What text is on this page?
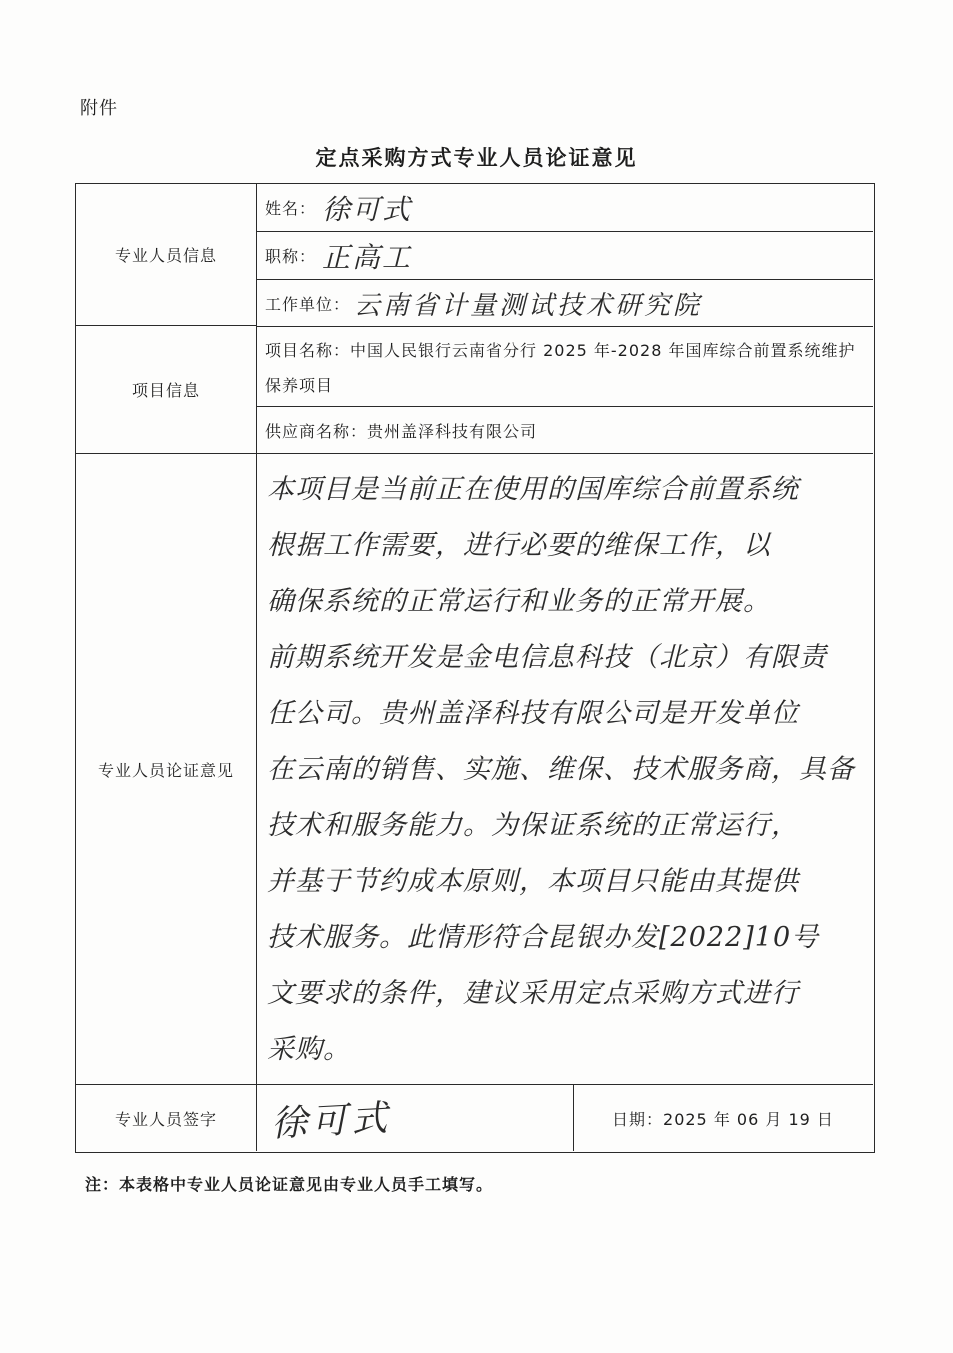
附件
定点采购方式专业人员论证意见
专业人员信息
姓名： 徐可式
职称： 正高工
工作单位： 云南省计量测试技术研究院
项目信息
项目名称：中国人民银行云南省分行 2025 年-2028 年国库综合前置系统维护保养项目
供应商名称： 贵州盖泽科技有限公司
专业人员论证意见
本项目是当前正在使用的国库综合前置系统
根据工作需要，进行必要的维保工作，以
确保系统的正常运行和业务的正常开展。
前期系统开发是金电信息科技（北京）有限责
任公司。贵州盖泽科技有限公司是开发单位
在云南的销售、实施、维保、技术服务商，具备
技术和服务能力。为保证系统的正常运行，
并基于节约成本原则，本项目只能由其提供
技术服务。此情形符合昆银办发[2022]10号
文要求的条件，建议采用定点采购方式进行
采购。
专业人员签字 徐可式	日期： 2025 年 06 月 19 日
注：本表格中专业人员论证意见由专业人员手工填写。
